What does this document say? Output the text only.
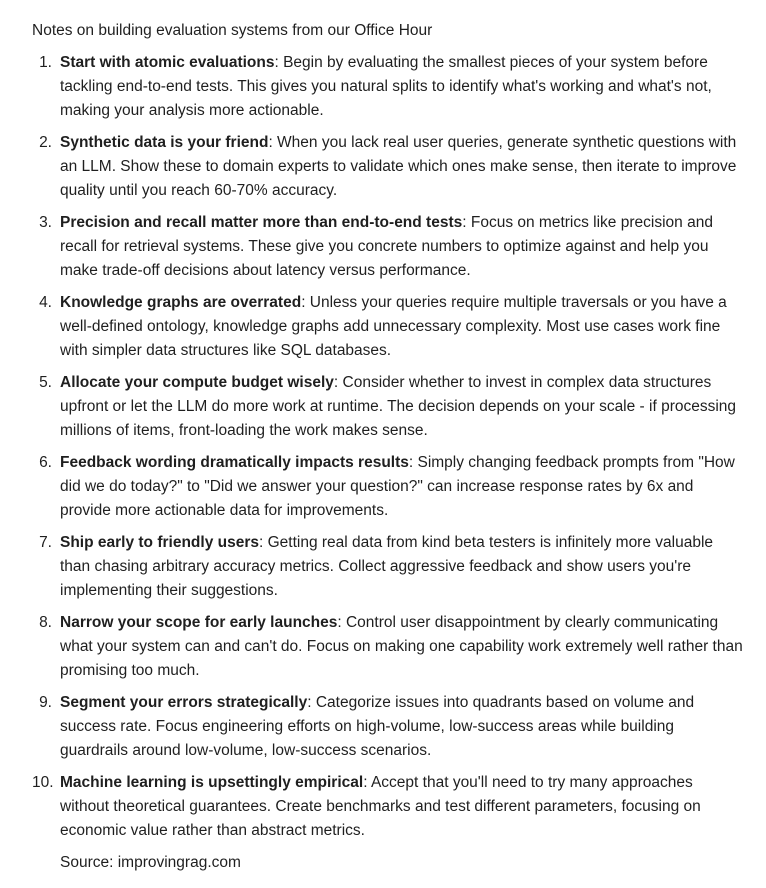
Notes on building evaluation systems from our Office Hour
1. Start with atomic evaluations: Begin by evaluating the smallest pieces of your system before tackling end-to-end tests. This gives you natural splits to identify what's working and what's not, making your analysis more actionable.
2. Synthetic data is your friend: When you lack real user queries, generate synthetic questions with an LLM. Show these to domain experts to validate which ones make sense, then iterate to improve quality until you reach 60-70% accuracy.
3. Precision and recall matter more than end-to-end tests: Focus on metrics like precision and recall for retrieval systems. These give you concrete numbers to optimize against and help you make trade-off decisions about latency versus performance.
4. Knowledge graphs are overrated: Unless your queries require multiple traversals or you have a well-defined ontology, knowledge graphs add unnecessary complexity. Most use cases work fine with simpler data structures like SQL databases.
5. Allocate your compute budget wisely: Consider whether to invest in complex data structures upfront or let the LLM do more work at runtime. The decision depends on your scale - if processing millions of items, front-loading the work makes sense.
6. Feedback wording dramatically impacts results: Simply changing feedback prompts from "How did we do today?" to "Did we answer your question?" can increase response rates by 6x and provide more actionable data for improvements.
7. Ship early to friendly users: Getting real data from kind beta testers is infinitely more valuable than chasing arbitrary accuracy metrics. Collect aggressive feedback and show users you're implementing their suggestions.
8. Narrow your scope for early launches: Control user disappointment by clearly communicating what your system can and can't do. Focus on making one capability work extremely well rather than promising too much.
9. Segment your errors strategically: Categorize issues into quadrants based on volume and success rate. Focus engineering efforts on high-volume, low-success areas while building guardrails around low-volume, low-success scenarios.
10. Machine learning is upsettingly empirical: Accept that you'll need to try many approaches without theoretical guarantees. Create benchmarks and test different parameters, focusing on economic value rather than abstract metrics.
Source: improvingrag.com
